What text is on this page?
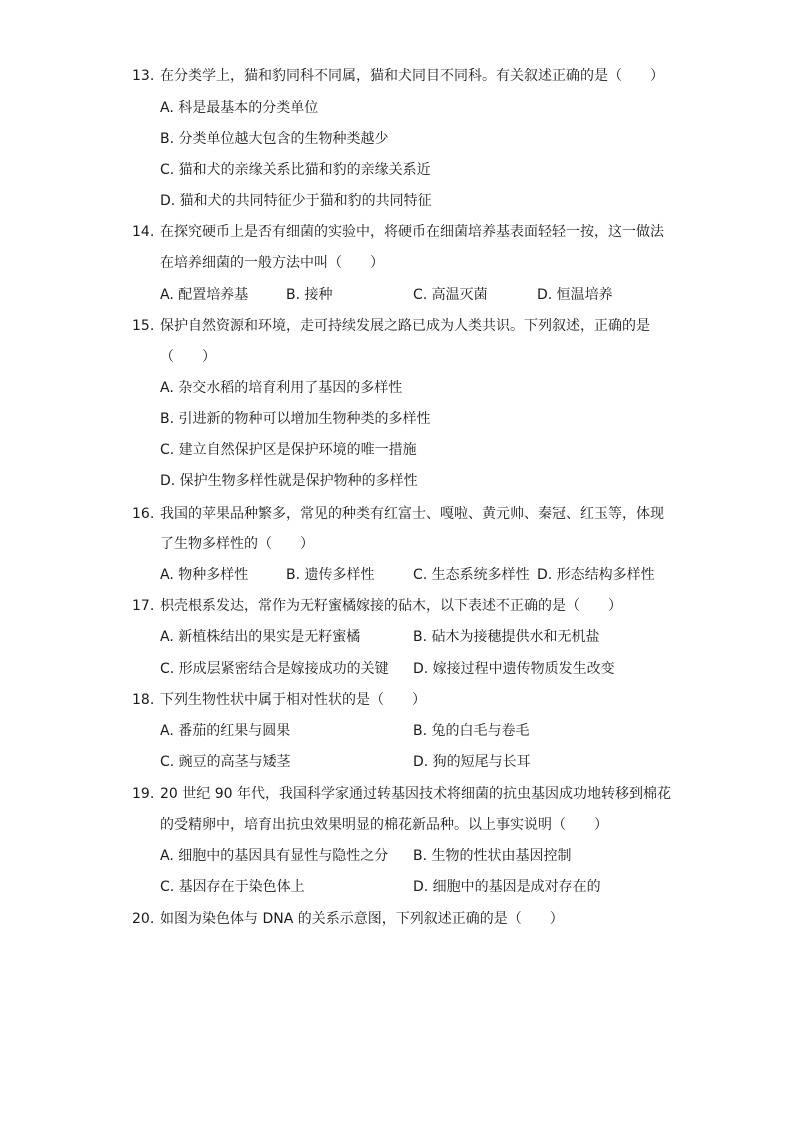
13. 在分类学上，猫和豹同科不同属，猫和犬同目不同科。有关叙述正确的是（　　）
A. 科是最基本的分类单位
B. 分类单位越大包含的生物种类越少
C. 猫和犬的亲缘关系比猫和豹的亲缘关系近
D. 猫和犬的共同特征少于猫和豹的共同特征
14. 在探究硬币上是否有细菌的实验中，将硬币在细菌培养基表面轻轻一按，这一做法
在培养细菌的一般方法中叫（　　）
A. 配置培养基	B. 接种	C. 高温灭菌	D. 恒温培养
15. 保护自然资源和环境，走可持续发展之路已成为人类共识。下列叙述，正确的是
（　　）
A. 杂交水稻的培育利用了基因的多样性
B. 引进新的物种可以增加生物种类的多样性
C. 建立自然保护区是保护环境的唯一措施
D. 保护生物多样性就是保护物种的多样性
16. 我国的苹果品种繁多，常见的种类有红富士、嘎啦、黄元帅、秦冠、红玉等，体现
了生物多样性的（　　）
A. 物种多样性	B. 遗传多样性	C. 生态系统多样性 D. 形态结构多样性
17. 枳壳根系发达，常作为无籽蜜橘嫁接的砧木，以下表述不正确的是（　　）
A. 新植株结出的果实是无籽蜜橘	B. 砧木为接穗提供水和无机盐
C. 形成层紧密结合是嫁接成功的关键 D. 嫁接过程中遗传物质发生改变
18. 下列生物性状中属于相对性状的是（　　）
A. 番茄的红果与圆果	B. 兔的白毛与卷毛
C. 豌豆的高茎与矮茎	D. 狗的短尾与长耳
19. 20 世纪 90 年代，我国科学家通过转基因技术将细菌的抗虫基因成功地转移到棉花
的受精卵中，培育出抗虫效果明显的棉花新品种。以上事实说明（　　）
A. 细胞中的基因具有显性与隐性之分 B. 生物的性状由基因控制
C. 基因存在于染色体上	D. 细胞中的基因是成对存在的
20. 如图为染色体与 DNA 的关系示意图，下列叙述正确的是（　　）
